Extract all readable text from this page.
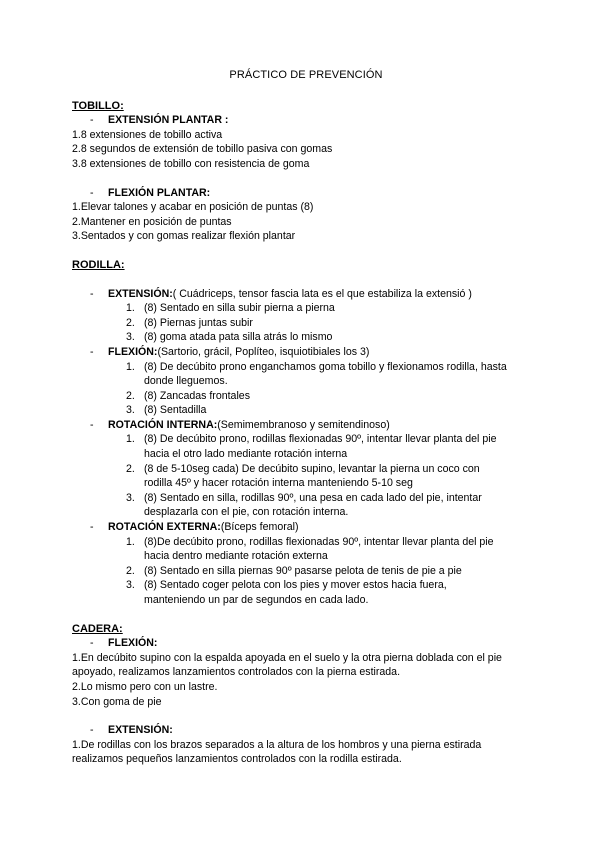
PRÁCTICO DE PREVENCIÓN

TOBILLO:

- EXTENSIÓN PLANTAR :

1.8 extensiones de tobillo activa

2.8 segundos de extensión de tobillo pasiva con gomas

3.8 extensiones de tobillo con resistencia de goma

- FLEXIÓN PLANTAR:

1.Elevar talones y acabar en posición de puntas (8)

2.Mantener en posición de puntas

3.Sentados y con gomas realizar flexión plantar

RODILLA:

- EXTENSIÓN:( Cuádriceps, tensor fascia lata es el que estabiliza la extensió )

1. (8) Sentado en silla subir pierna a pierna

2. (8) Piernas juntas subir

3. (8) goma atada pata silla atrás lo mismo

- FLEXIÓN:(Sartorio, grácil, Poplíteo, isquiotibiales los 3)

1. (8) De decúbito prono enganchamos goma tobillo y flexionamos rodilla, hasta

donde lleguemos.

2. (8) Zancadas frontales

3. (8) Sentadilla

- ROTACIÓN INTERNA:(Semimembranoso y semitendinoso)

1. (8) De decúbito prono, rodillas flexionadas 90º, intentar llevar planta del pie

hacia el otro lado mediante rotación interna

2. (8 de 5-10seg cada) De decúbito supino, levantar la pierna un coco con

rodilla 45º y hacer rotación interna manteniendo 5-10 seg

3. (8) Sentado en silla, rodillas 90º, una pesa en cada lado del pie, intentar

desplazarla con el pie, con rotación interna.

- ROTACIÓN EXTERNA:(Bíceps femoral)

1. (8)De decúbito prono, rodillas flexionadas 90º, intentar llevar planta del pie

hacia dentro mediante rotación externa

2. (8) Sentado en silla piernas 90º pasarse pelota de tenis de pie a pie

3. (8) Sentado coger pelota con los pies y mover estos hacia fuera,

manteniendo un par de segundos en cada lado.

CADERA:

- FLEXIÓN:

1.En decúbito supino con la espalda apoyada en el suelo y la otra pierna doblada con el pie

apoyado, realizamos lanzamientos controlados con la pierna estirada.

2.Lo mismo pero con un lastre.

3.Con goma de pie

- EXTENSIÓN:

1.De rodillas con los brazos separados a la altura de los hombros y una pierna estirada

realizamos pequeños lanzamientos controlados con la rodilla estirada.
